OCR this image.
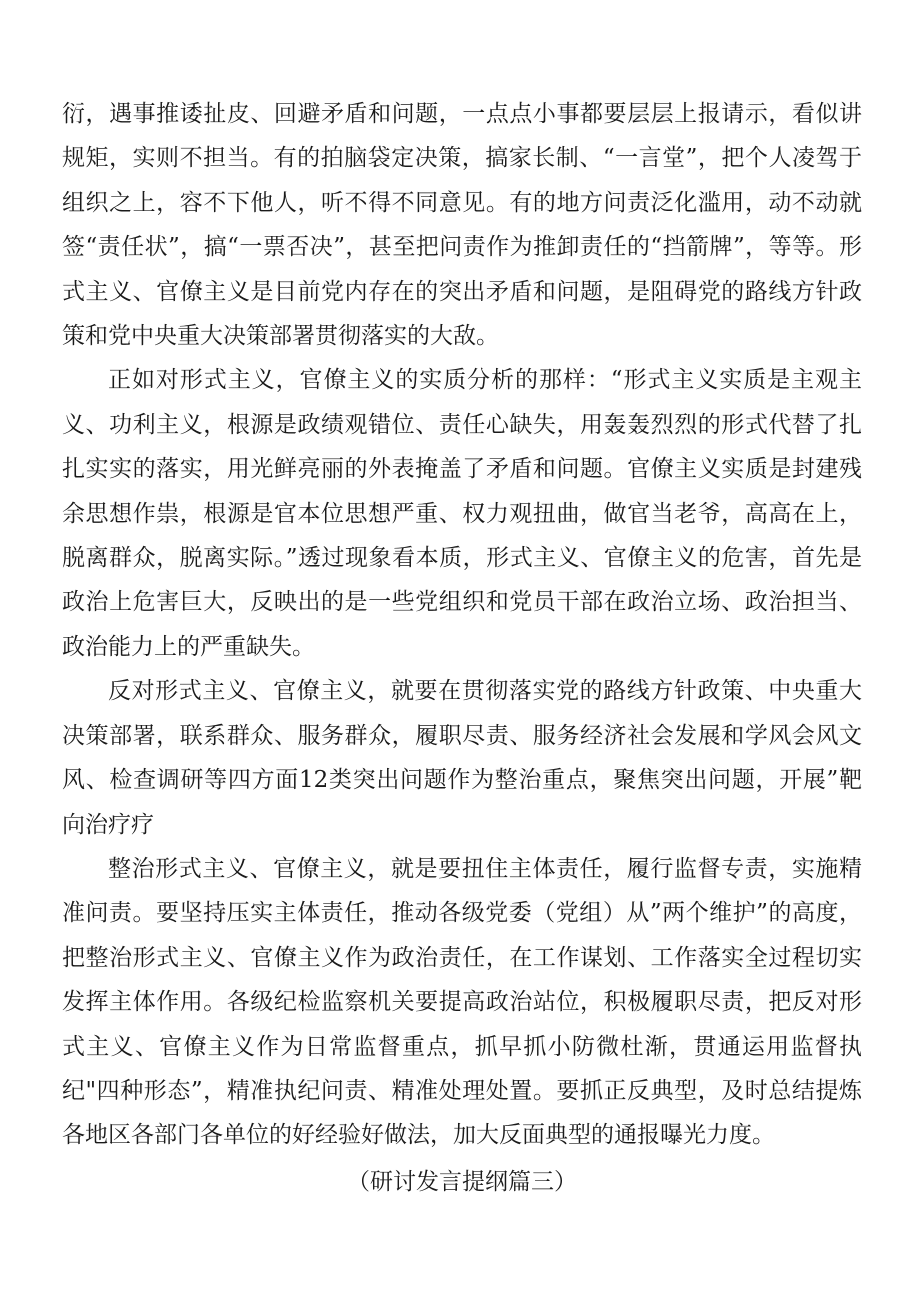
衍，遇事推诿扯皮、回避矛盾和问题，一点点小事都要层层上报请示，看似讲规矩，实则不担当。有的拍脑袋定决策，搞家长制、“一言堂”，把个人凌驾于组织之上，容不下他人，听不得不同意见。有的地方问责泛化滥用，动不动就签“责任状”，搞“一票否决”，甚至把问责作为推卸责任的“挡箭牌”，等等。形式主义、官僚主义是目前党内存在的突出矛盾和问题，是阻碍党的路线方针政策和党中央重大决策部署贯彻落实的大敌。

正如对形式主义，官僚主义的实质分析的那样：“形式主义实质是主观主义、功利主义，根源是政绩观错位、责任心缺失，用轰轰烈烈的形式代替了扎扎实实的落实，用光鲜亮丽的外表掩盖了矛盾和问题。官僚主义实质是封建残余思想作祟，根源是官本位思想严重、权力观扭曲，做官当老爷，高高在上，脱离群众，脱离实际。”透过现象看本质，形式主义、官僚主义的危害，首先是政治上危害巨大，反映出的是一些党组织和党员干部在政治立场、政治担当、政治能力上的严重缺失。

反对形式主义、官僚主义，就要在贯彻落实党的路线方针政策、中央重大决策部署，联系群众、服务群众，履职尽责、服务经济社会发展和学风会风文风、检查调研等四方面12类突出问题作为整治重点，聚焦突出问题，开展”靶向治疗疗

整治形式主义、官僚主义，就是要扭住主体责任，履行监督专责，实施精准问责。要坚持压实主体责任，推动各级党委（党组）从”两个维护”的高度，把整治形式主义、官僚主义作为政治责任，在工作谋划、工作落实全过程切实发挥主体作用。各级纪检监察机关要提高政治站位，积极履职尽责，把反对形式主义、官僚主义作为日常监督重点，抓早抓小防微杜渐，贯通运用监督执纪"四种形态”，精准执纪问责、精准处理处置。要抓正反典型，及时总结提炼各地区各部门各单位的好经验好做法，加大反面典型的通报曝光力度。

（研讨发言提纲篇三）
